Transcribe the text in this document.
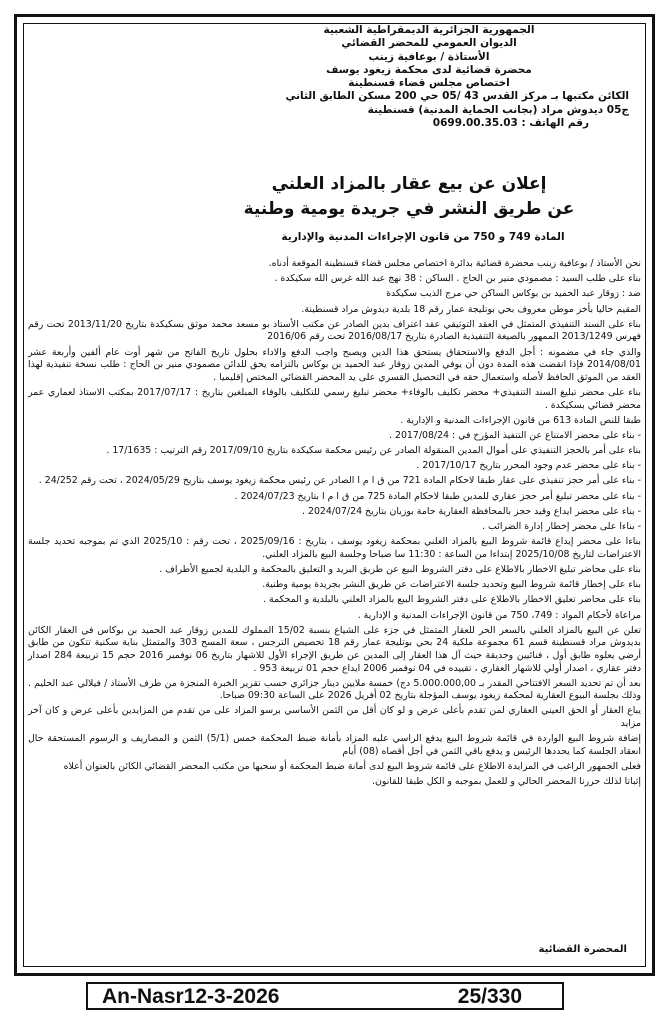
الجمهورية الجزائرية الديمقراطية الشعبية
الديوان العمومي للمحضر القضائي
الأستاذة / بوعافية زينب
محضرة قضائية لدى محكمة زيغود يوسف
اختصاص مجلس قضاء قسنطينة
الكائن مكتبها بـ مركز القدس 43 /05 حي 200 مسكن الطابق الثاني
ج05 ديدوش مراد (بجانب الحماية المدنية) قسنطينة
رقم الهاتف : 0699.00.35.03
إعلان عن بيع عقار بالمزاد العلني
عن طريق النشر في جريدة يومية وطنية
المادة 749 و 750 من قانون الإجراءات المدنية والإدارية

نحن الأستاذ / بوعافية زينب محضرة قضائية بدائرة اختصاص مجلس قضاء قسنطينة الموقعة أدناه.

بناء على طلب السيد : مصمودي منير بن الحاج . الساكن : 38 نهج عبد الله غرس الله سكيكدة .

ضد : زوقار عبد الحميد بن بوكاس الساكن حي مرج الذيب سكيكدة

المقيم حاليا بأخر موطن معروف بحي بوتليجة عمار رقم 18 بلدية ديدوش مراد قسنطينة.

بناء على السند التنفيذي المتمثل في العقد التوثيقي عقد اعتراف بدين الصادر عن مكتب الأستاذ بو مسعد محمد موثق بسكيكدة بتاريخ 2013/11/20 تحت رقم فهرس 2013/1249 الممهور بالصيغة التنفيذية الصادرة بتاريخ 2016/08/17 تحت رقم 2016/06

والذي جاء في مضمونه : أجل الدفع والاستحقاق يستحق هذا الدين ويصبح واجب الدفع والاداء بحلول تاريخ الفاتح من شهر أوت عام ألفين وأربعة عشر 2014/08/01 فإذا انقضت هذه المدة دون أن يوفي المدين زوقار عبد الحميد بن بوكاس بالتزامه يحق للدائن مصمودي منير بن الحاج : طلب نسخة تنفيذية لهذا العقد من الموثق الحافظ لأصله واستعمال حقه في التحصيل القسري على يد المحضر القضائي المختص إقليميا .

بناء على محضر تبليغ السند التنفيذي+ محضر تكليف بالوفاء+ محضر تبليغ رسمي للتكليف بالوفاء المبلغين بتاريخ : 2017/07/17 بمكتب الاستاذ لعماري عمر محضر قضائي بسكيكدة .

طبقا للنص المادة 613 من قانون الإجراءات المدنية و الإدارية .

- بناء على محضر الامتناع عن التنفيذ المؤرخ في : 2017/08/24 .

بناء على أمر بالحجز التنفيذي على أموال المدين المنقولة الصادر عن رئيس محكمة سكيكدة بتاريخ 2017/09/10 رقم الترتيب : 17/1635 .

- بناء على محضر عدم وجود المحرر بتاريخ 2017/10/17 .

- بناء على أمر حجز تنفيذي على عقار طبقا لاحكام المادة 721 من ق ا م ا الصادر عن رئيس محكمة زيغود يوسف بتاريخ 2024/05/29 ، تحت رقم 24/252 .

- بناء على محضر تبليغ أمر حجز عقاري للمدين طبقا لاحكام المادة 725 من ق ا م ا بتاريخ 2024/07/23 .

- بناء على محضر ايداع وقيد حجز بالمحافظة العقارية حامة بوزيان بتاريخ 2024/07/24 .

- بناءا على محضر إخطار إدارة الضرائب .

بناءا على محضر إيداع قائمة شروط البيع بالمزاد العلني بمحكمة زيغود يوسف ، بتاريخ : 2025/09/16 ، تحت رقم : 2025/10 الذي تم بموجبه تحديد جلسة الاعتراضات لتاريخ 2025/10/08 إبتداءا من الساعة : 11:30 سا صباحا وجلسة البيع بالمزاد العلني.

بناء على محاضر تبليغ الاخطار بالاطلاع على دفتر الشروط البيع عن طريق البريد و التعليق بالمحكمة و البلدية لجميع الأطراف .

بناء على إخطار قائمة شروط البيع وتحديد جلسة الاعتراضات عن طريق النشر بجريدة يومية وطنية.

بناء على محاضر تعليق الاخطار بالاطلاع على دفتر الشروط البيع بالمزاد العلني بالبلدية و المحكمة .

مراعاة لأحكام المواد : 749، 750 من قانون الإجراءات المدنية و الإدارية .

تعلن عن البيع بالمزاد العلني بالسعر الحر للعقار المتمثل في جزء على الشياع بنسبة 15/02 المملوك للمدين زوقار عبد الحميد بن بوكاس في العقار الكائن بديدوش مراد قسنطينة قسم 61 مجموعة ملكية 24 بحي بوتليجة عمار رقم 18 تحصيص الترجس ، سعة المسح 303 والمتمثل بناية سكنية تتكون من طابق أرضي يعلوه طابق أول ، فنائيين وحديقة حيث آل هذا العقار إلى المدين عن طريق الإجراء الأول للاشهار بتاريخ 06 نوفمبر 2016 حجم 15 تربيعة 284 اصدار دفتر عقاري ، اصدار أولي للاشهار العقاري ، تقييده في 04 نوفمبر 2006 ايداع حجم 01 تربيعة 953 .

بعد أن تم تحديد السعر الافتتاحي المقدر بـ 5.000.000,00 دج) خمسة ملايين دينار جزائري حسب تقرير الخبرة المنجزة من طرف الأستاذ / فيلالي عبد الحليم . وذلك بجلسة البيوع العقارية لمحكمة زيغود يوسف المؤجلة بتاريخ 02 أفريل 2026 على الساعة 09:30 صباحا.

يباع العقار أو الحق العيني العقاري لمن تقدم بأعلى عرض و لو كان أقل من الثمن الأساسي برسو المزاد على من تقدم من المزايدين بأعلى عرض و كان آخر مزايد

إضافة شروط البيع الواردة في قائمة شروط البيع يدفع الراسي عليه المزاد بأمانة ضبط المحكمة خمس (5/1) الثمن و المصاريف و الرسوم المستحقة حال انعقاد الجلسة كما يحددها الرئيس و يدفع باقي الثمن في أجل أقصاه (08) أيام

فعلى الجمهور الراغب في المزايدة الاطلاع على قائمة شروط البيع لدى أمانة ضبط المحكمة أو سحبها من مكتب المحضر القضائي الكائن بالعنوان أعلاه

إثباتا لذلك حررنا المحضر الحالي و للعمل بموجبه و الكل طبقا للقانون.

المحضرة القضائية
An-Nasr12-3-2026	25/330
